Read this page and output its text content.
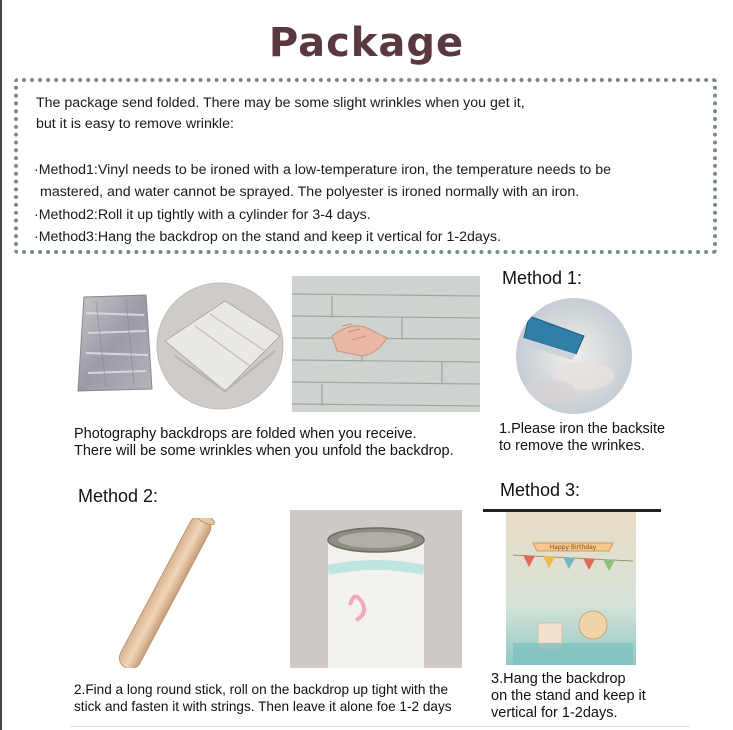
Package

The package send folded. There may be some slight wrinkles when you get it,

but it is easy to remove wrinkle:

·Method1:Vinyl needs to be ironed with a low-temperature iron, the temperature needs to be

mastered, and water cannot be sprayed. The polyester is ironed normally with an iron.

·Method2:Roll it up tightly with a cylinder for 3-4 days.

·Method3:Hang the backdrop on the stand and keep it vertical for 1-2days.

Photography backdrops are folded when you receive.
There will be some wrinkles when you unfold the backdrop.
Method 1:
1.Please iron the backsite
to remove the wrinkes.
Method 2:
2.Find a long round stick, roll on the backdrop up tight with the
stick and fasten it with strings. Then leave it alone foe 1-2 days
Method 3:
Happy Birthday
3.Hang the backdrop
on the stand and keep it
vertical for 1-2days.
